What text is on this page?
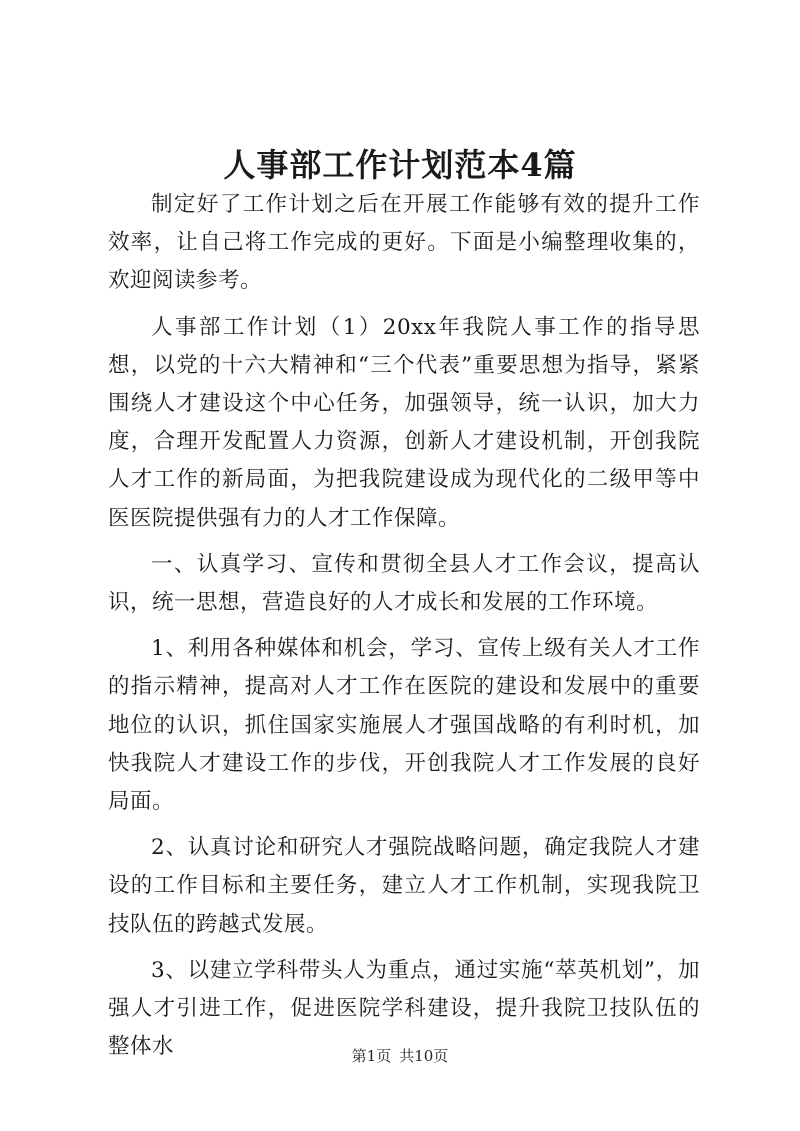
人事部工作计划范本4篇

制定好了工作计划之后在开展工作能够有效的提升工作效率，让自己将工作完成的更好。下面是小编整理收集的，欢迎阅读参考。

人事部工作计划（1）20xx年我院人事工作的指导思想，以党的十六大精神和“三个代表”重要思想为指导，紧紧围绕人才建设这个中心任务，加强领导，统一认识，加大力度，合理开发配置人力资源，创新人才建设机制，开创我院人才工作的新局面，为把我院建设成为现代化的二级甲等中医医院提供强有力的人才工作保障。

一、认真学习、宣传和贯彻全县人才工作会议，提高认识，统一思想，营造良好的人才成长和发展的工作环境。

1、利用各种媒体和机会，学习、宣传上级有关人才工作的指示精神，提高对人才工作在医院的建设和发展中的重要地位的认识，抓住国家实施展人才强国战略的有利时机，加快我院人才建设工作的步伐，开创我院人才工作发展的良好局面。

2、认真讨论和研究人才强院战略问题，确定我院人才建设的工作目标和主要任务，建立人才工作机制，实现我院卫技队伍的跨越式发展。

3、以建立学科带头人为重点，通过实施“萃英机划”，加强人才引进工作，促进医院学科建设，提升我院卫技队伍的整体水	第1页 共10页
